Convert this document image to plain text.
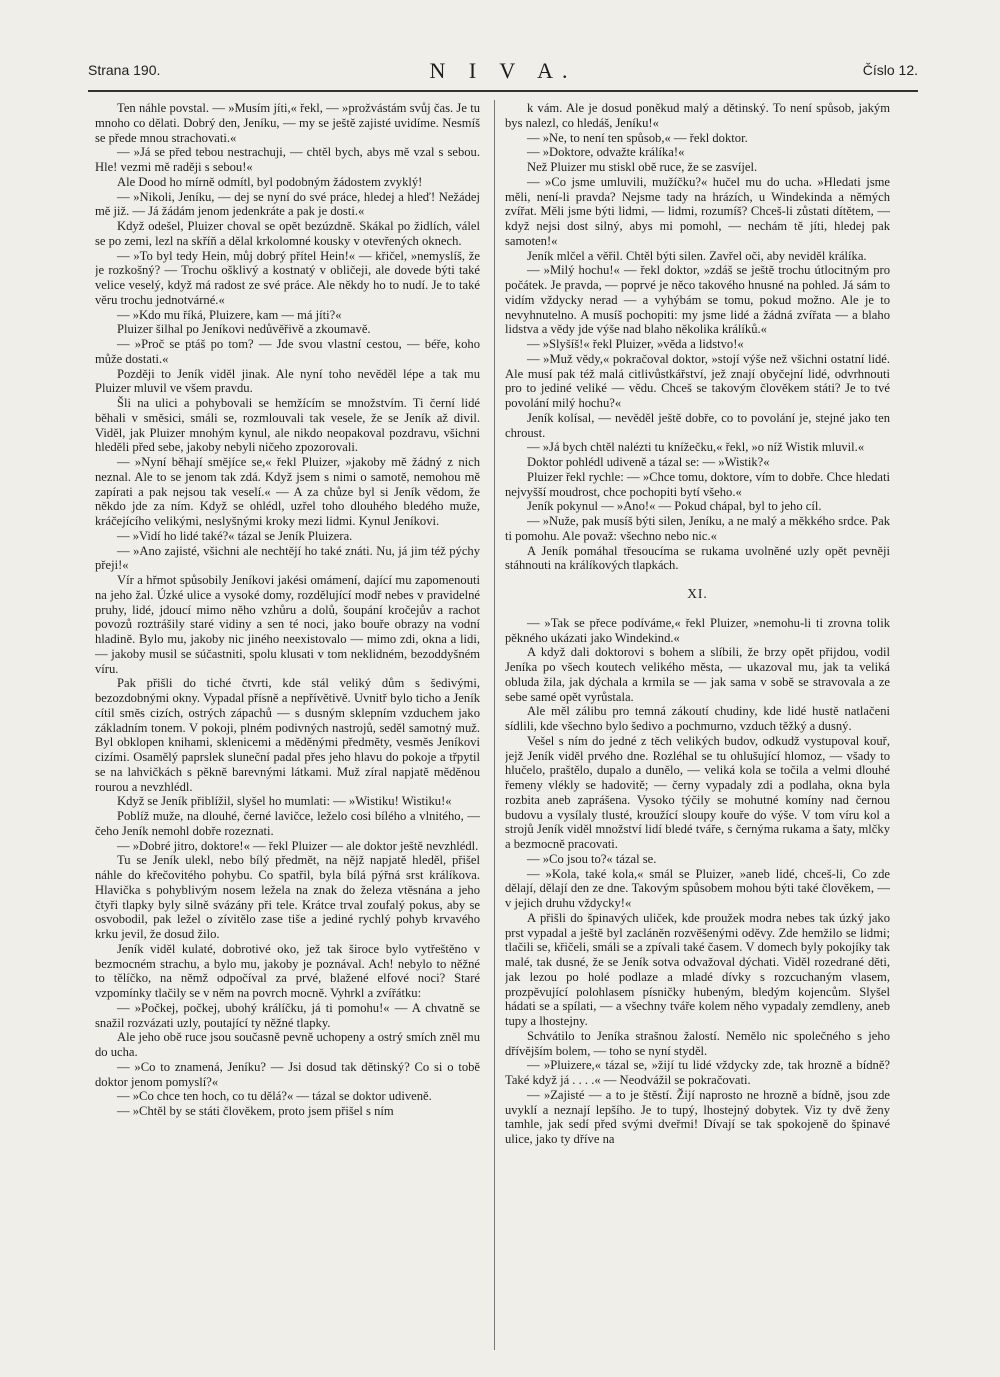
Strana 190.	N I V A.	Číslo 12.

Ten náhle povstal. — »Musím jíti,« řekl, — »prožvástám svůj čas. Je tu mnoho co dělati. Dobrý den, Jeníku, — my se ještě zajisté uvidíme. Nesmíš se přede mnou strachovati.«

— »Já se před tebou nestrachuji, — chtěl bych, abys mě vzal s sebou. Hle! vezmi mě raději s sebou!«

Ale Dood ho mírně odmítl, byl podobným žádostem zvyklý!

— »Nikoli, Jeníku, — dej se nyní do své práce, hledej a hleď! Nežádej mě již. — Já žádám jenom jedenkráte a pak je dosti.«

Když odešel, Pluizer choval se opět bezúzdně. Skákal po židlích, válel se po zemi, lezl na skříň a dělal krkolomné kousky v otevřených oknech.

— »To byl tedy Hein, můj dobrý přítel Hein!« — křičel, »nemyslíš, že je rozkošný? — Trochu ošklivý a kostnatý v obličeji, ale dovede býti také velice veselý, když má radost ze své práce. Ale někdy ho to nudí. Je to také věru trochu jednotvárné.«

— »Kdo mu říká, Pluizere, kam — má jíti?«

Pluizer šilhal po Jeníkovi nedůvěřivě a zkoumavě.

— »Proč se ptáš po tom? — Jde svou vlastní cestou, — béře, koho může dostati.«

Později to Jeník viděl jinak. Ale nyní toho nevěděl lépe a tak mu Pluizer mluvil ve všem pravdu.

Šli na ulici a pohybovali se hemžícím se množstvím. Ti černí lidé běhali v směsici, smáli se, rozmlouvali tak vesele, že se Jeník až divil. Viděl, jak Pluizer mnohým kynul, ale nikdo neopakoval pozdravu, všichni hleděli před sebe, jakoby nebyli ničeho zpozorovali.

— »Nyní běhají smějíce se,« řekl Pluizer, »jakoby mě žádný z nich neznal. Ale to se jenom tak zdá. Když jsem s nimi o samotě, nemohou mě zapírati a pak nejsou tak veselí.« — A za chůze byl si Jeník vědom, že někdo jde za ním. Když se ohlédl, uzřel toho dlouhého bledého muže, kráčejícího velikými, neslyšnými kroky mezi lidmi. Kynul Jeníkovi.

— »Vidí ho lidé také?« tázal se Jeník Pluizera.

— »Ano zajisté, všichni ale nechtějí ho také znáti. Nu, já jim též pýchy přeji!«

Vír a hřmot spůsobily Jeníkovi jakési omámení, dající mu zapomenouti na jeho žal. Úzké ulice a vysoké domy, rozdělující modř nebes v pravidelné pruhy, lidé, jdoucí mimo něho vzhůru a dolů, šoupání kročejův a rachot povozů roztrášily staré vidiny a sen té noci, jako bouře obrazy na vodní hladině. Bylo mu, jakoby nic jiného neexistovalo — mimo zdi, okna a lidi, — jakoby musil se súčastniti, spolu klusati v tom neklidném, bezoddyšném víru.

Pak přišli do tiché čtvrti, kde stál veliký dům s šedivými, bezozdobnými okny. Vypadal přísně a nepřívětivě. Uvnitř bylo ticho a Jeník cítil směs cizích, ostrých zápachů — s dusným sklepním vzduchem jako základním tonem. V pokoji, plném podivných nastrojů, seděl samotný muž. Byl obklopen knihami, sklenicemi a měděnými předměty, vesměs Jeníkovi cizími. Osamělý paprslek sluneční padal přes jeho hlavu do pokoje a třpytil se na lahvičkách s pěkně barevnými látkami. Muž zíral napjatě měděnou rourou a nevzhlédl.

Když se Jeník přiblížil, slyšel ho mumlati: — »Wistiku! Wistiku!«

Poblíž muže, na dlouhé, černé lavičce, leželo cosi bílého a vlnitého, — čeho Jeník nemohl dobře rozeznati.

— »Dobré jitro, doktore!« — řekl Pluizer — ale doktor ještě nevzhlédl.

Tu se Jeník ulekl, nebo bílý předmět, na nějž napjatě hleděl, přišel náhle do křečovitého pohybu. Co spatřil, byla bílá pýřná srst králíkova. Hlavička s pohyblivým nosem ležela na znak do železa vtěsnána a jeho čtyři tlapky byly silně svázány při tele. Krátce trval zoufalý pokus, aby se osvobodil, pak ležel o zívitělo zase tiše a jediné rychlý pohyb krvavého krku jevil, že dosud žilo.

Jeník viděl kulaté, dobrotivé oko, jež tak široce bylo vytřeštěno v bezmocném strachu, a bylo mu, jakoby je poznával. Ach! nebylo to něžné to tělíčko, na němž odpočíval za prvé, blažené elfové noci? Staré vzpomínky tlačily se v něm na povrch mocně. Vyhrkl a zvířátku:

— »Počkej, počkej, ubohý králíčku, já ti pomohu!« — A chvatně se snažil rozvázati uzly, poutající ty něžné tlapky.

Ale jeho obě ruce jsou současně pevně uchopeny a ostrý smích zněl mu do ucha.

— »Co to znamená, Jeníku? — Jsi dosud tak dětinský? Co si o tobě doktor jenom pomyslí?«

— »Co chce ten hoch, co tu dělá?« — tázal se doktor udiveně.

— »Chtěl by se státi člověkem, proto jsem přišel s ním

k vám. Ale je dosud poněkud malý a dětinský. To není spůsob, jakým bys nalezl, co hledáš, Jeníku!«

— »Ne, to není ten spůsob,« — řekl doktor.

— »Doktore, odvažte králíka!«

Než Pluizer mu stiskl obě ruce, že se zasvíjel.

— »Co jsme umluvili, mužíčku?« hučel mu do ucha. »Hledati jsme měli, není-li pravda? Nejsme tady na hrázích, u Windekinda a němých zvířat. Měli jsme býti lidmi, — lidmi, rozumíš? Chceš-li zůstati dítětem, — když nejsi dost silný, abys mi pomohl, — nechám tě jíti, hledej pak samoten!«

Jeník mlčel a věřil. Chtěl býti silen. Zavřel oči, aby neviděl králíka.

— »Milý hochu!« — řekl doktor, »zdáš se ještě trochu útlocitným pro počátek. Je pravda, — poprvé je něco takového hnusné na pohled. Já sám to vidím vždycky nerad — a vyhýbám se tomu, pokud možno. Ale je to nevyhnutelno. A musíš pochopiti: my jsme lidé a žádná zvířata — a blaho lidstva a vědy jde výše nad blaho několika králíků.«

— »Slyšíš!« řekl Pluizer, »věda a lidstvo!«

— »Muž vědy,« pokračoval doktor, »stojí výše než všichni ostatní lidé. Ale musí pak též malá citlivůstkářství, jež znají obyčejní lidé, odvrhnouti pro to jediné veliké — vědu. Chceš se takovým člověkem státi? Je to tvé povolání milý hochu?«

Jeník kolísal, — nevěděl ještě dobře, co to povolání je, stejné jako ten chroust.

— »Já bych chtěl nalézti tu knížečku,« řekl, »o níž Wistik mluvil.«

Doktor pohlédl udiveně a tázal se: — »Wistik?«

Pluizer řekl rychle: — »Chce tomu, doktore, vím to dobře. Chce hledati nejvyšší moudrost, chce pochopiti bytí všeho.«

Jeník pokynul — »Ano!« — Pokud chápal, byl to jeho cíl.

— »Nuže, pak musíš býti silen, Jeníku, a ne malý a měkkého srdce. Pak ti pomohu. Ale považ: všechno nebo nic.«

A Jeník pomáhal třesoucíma se rukama uvolněné uzly opět pevněji stáhnouti na králíkových tlapkách.

XI.

— »Tak se přece podíváme,« řekl Pluizer, »nemohu-li ti zrovna tolik pěkného ukázati jako Windekind.«

A když dali doktorovi s bohem a slíbili, že brzy opět přijdou, vodil Jeníka po všech koutech velikého města, — ukazoval mu, jak ta veliká obluda žila, jak dýchala a krmila se — jak sama v sobě se stravovala a ze sebe samé opět vyrůstala.

Ale měl zálibu pro temná zákoutí chudiny, kde lidé hustě natlačeni sídlili, kde všechno bylo šedivo a pochmurno, vzduch těžký a dusný.

Vešel s ním do jedné z těch velikých budov, odkudž vystupoval kouř, jejž Jeník viděl prvého dne. Rozléhal se tu ohlušující hlomoz, — všady to hlučelo, praštělo, dupalo a dunělo, — veliká kola se točila a velmi dlouhé řemeny vlékly se hadovitě; — černy vypadaly zdi a podlaha, okna byla rozbita aneb zaprášena. Vysoko týčily se mohutné komíny nad černou budovu a vysílaly tlusté, kroužící sloupy kouře do výše. V tom víru kol a strojů Jeník viděl množství lidí bledé tváře, s černýma rukama a šaty, mlčky a bezmocně pracovati.

— »Co jsou to?« tázal se.

— »Kola, také kola,« smál se Pluizer, »aneb lidé, chceš-li, Co zde dělají, dělají den ze dne. Takovým spůsobem mohou býti také člověkem, — v jejich druhu vždycky!«

A přišli do špinavých uliček, kde proužek modra nebes tak úzký jako prst vypadal a ještě byl zacláněn rozvěšenými oděvy. Zde hemžilo se lidmi; tlačili se, křičeli, smáli se a zpívali také časem. V domech byly pokojíky tak malé, tak dusné, že se Jeník sotva odvažoval dýchati. Viděl rozedrané děti, jak lezou po holé podlaze a mladé dívky s rozcuchaným vlasem, prozpěvující polohlasem písničky hubeným, bledým kojencům. Slyšel hádati se a spílati, — a všechny tváře kolem něho vypadaly zemdleny, aneb tupy a lhostejny.

Schvátilo to Jeníka strašnou žalostí. Nemělo nic společného s jeho dřívějším bolem, — toho se nyní styděl.

— »Pluizere,« tázal se, »žijí tu lidé vždycky zde, tak hrozně a bídně? Také když já . . . .« — Neodvážil se pokračovati.

— »Zajisté — a to je štěstí. Žijí naprosto ne hrozně a bídně, jsou zde uvyklí a neznají lepšího. Je to tupý, lhostejný dobytek. Viz ty dvě ženy tamhle, jak sedí před svými dveřmi! Dívají se tak spokojeně do špinavé ulice, jako ty dříve na
